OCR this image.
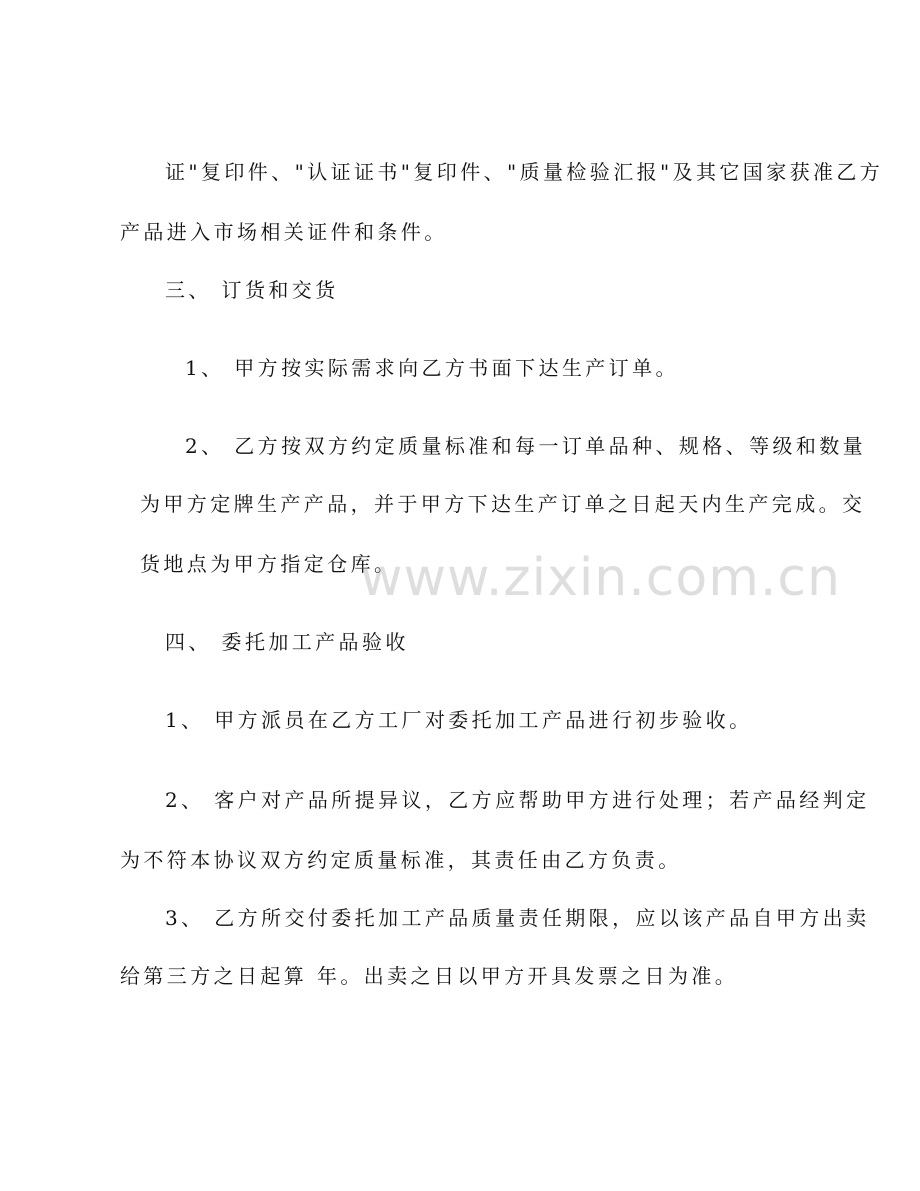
证"复印件、"认证证书"复印件、"质量检验汇报"及其它国家获准乙方
产品进入市场相关证件和条件。
三、 订货和交货
1、 甲方按实际需求向乙方书面下达生产订单。
2、 乙方按双方约定质量标准和每一订单品种、规格、等级和数量
为甲方定牌生产产品，并于甲方下达生产订单之日起天内生产完成。交
货地点为甲方指定仓库。
四、 委托加工产品验收
1、 甲方派员在乙方工厂对委托加工产品进行初步验收。
2、 客户对产品所提异议，乙方应帮助甲方进行处理；若产品经判定
为不符本协议双方约定质量标准，其责任由乙方负责。
3、 乙方所交付委托加工产品质量责任期限，应以该产品自甲方出卖
给第三方之日起算 年。出卖之日以甲方开具发票之日为准。
www.zixin.com.cn
